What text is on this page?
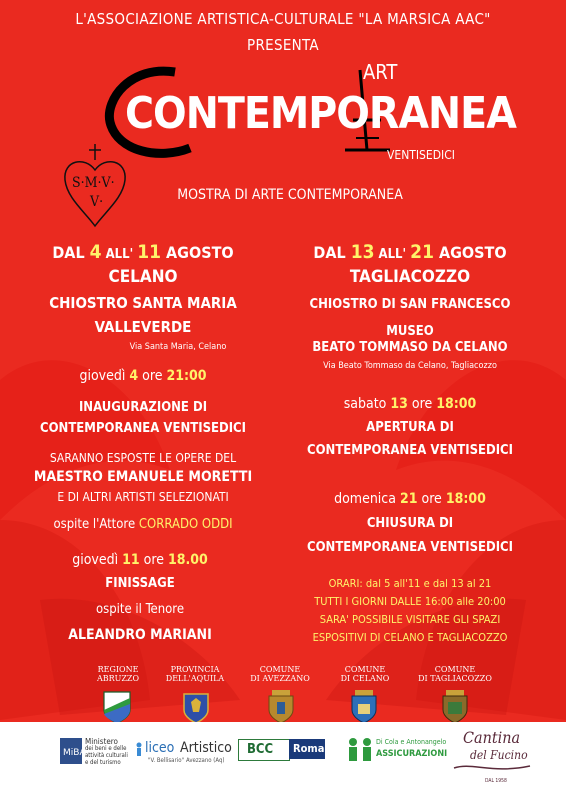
L'ASSOCIAZIONE ARTISTICA-CULTURALE "LA MARSICA AAC"
PRESENTA
CONTEMPORANEA
ART
VENTISEDICI
S·M·V·
V·	MOSTRA DI ARTE CONTEMPORANEA
DAL 4 ALL' 11 AGOSTO
CELANO
CHIOSTRO SANTA MARIA
VALLEVERDE
Via Santa Maria, Celano
giovedì 4 ore 21:00
INAUGURAZIONE DI
CONTEMPORANEA VENTISEDICI
SARANNO ESPOSTE LE OPERE DEL
MAESTRO EMANUELE MORETTI
E DI ALTRI ARTISTI SELEZIONATI
ospite l'Attore CORRADO ODDI
giovedì 11 ore 18.00
FINISSAGE
ospite il Tenore
ALEANDRO MARIANI
DAL 13 ALL' 21 AGOSTO
TAGLIACOZZO
CHIOSTRO DI SAN FRANCESCO
MUSEO
BEATO TOMMASO DA CELANO
Via Beato Tommaso da Celano, Tagliacozzo
sabato 13 ore 18:00
APERTURA DI
CONTEMPORANEA VENTISEDICI
domenica 21 ore 18:00
CHIUSURA DI
CONTEMPORANEA VENTISEDICI
ORARI: dal 5 all'11 e dal 13 al 21
TUTTI I GIORNI DALLE 16:00 alle 20:00
SARA' POSSIBILE VISITARE GLI SPAZI
ESPOSITIVI DI CELANO E TAGLIACOZZO
REGIONE
ABRUZZO
PROVINCIA
DELL'AQUILA
COMUNE
DI AVEZZANO
COMUNE
DI CELANO
COMUNE
DI TAGLIACOZZO
MiBACT
Ministero
dei beni e delle
attività culturali
e del turismo
liceo
"V. Bellisario"
Artistico
Avezzano (Aq)
BCC Roma	Di Cola e Antonangelo
ASSICURAZIONI
Cantina
del Fucino
DAL 1958
